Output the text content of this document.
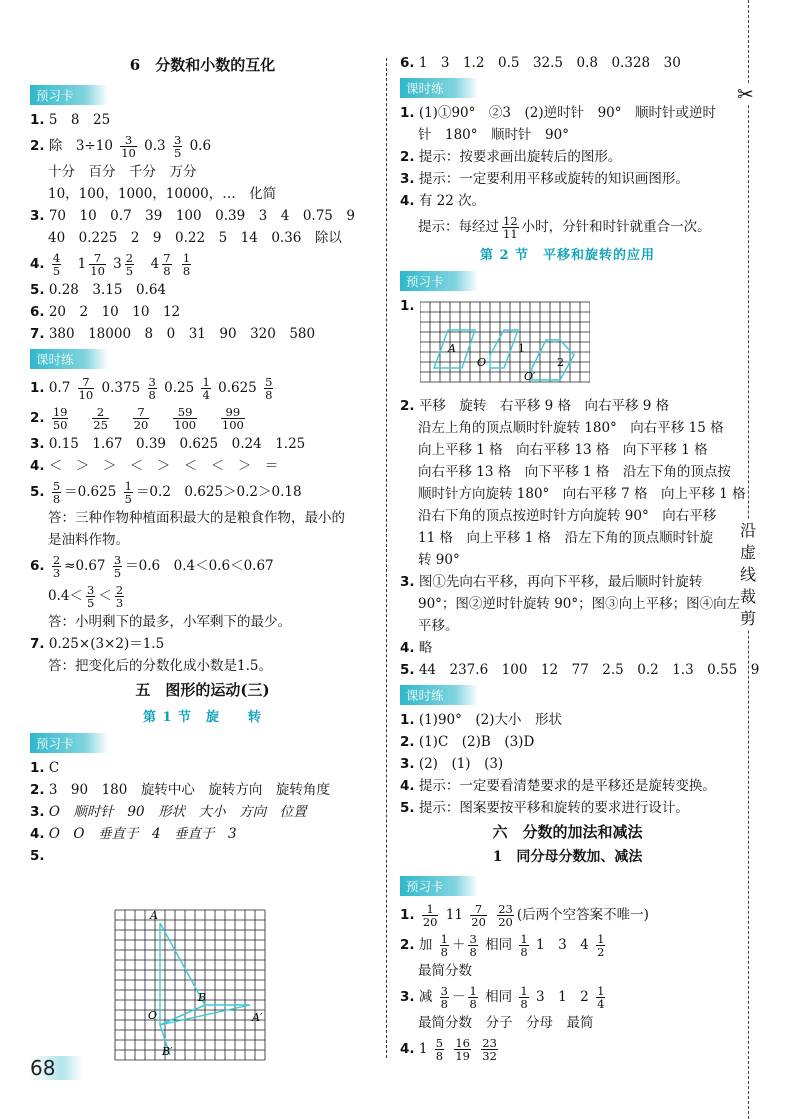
✂
沿虚线裁剪
6　分数和小数的互化
预习卡

1. 5　8　25

2. 除　$3\div 10 \frac{3}{10} 0.3 \frac{3}{5} 0.6$

十分　百分　千分　万分

10，100，1000，10000，…　化简

3. 70　10　0.7　39　100　0.39　3　4　0.75　9

40　0.225　2　9　0.22　5　14　0.36　除以

4. $\frac{4}{5}$ 　$1 \frac{7}{10} 3 \frac{2}{5}$ 　$4 \frac{7}{8}$
$\frac{1}{8}$

5. 0.28　3.15　0.64

6. 20　2　10　10　12

7. 380　18000　8　0　31　90　320　580

课时练

1. $0.7 \frac{7}{10} 0.375 \frac{3}{8} 0.25 \frac{1}{4} 0.625 \frac{5}{8}$

2. $\frac{19}{50}$
　 $\frac{2}{25}$
　 $\frac{7}{20}$
　 $\frac{59}{100}$
　 $\frac{99}{100}$

3. 0.15　1.67　0.39　0.625　0.24　1.25

4. ＜　＞　＞　＜　＞　＜　＜　＞　＝

5. $\frac{5}{8} =0.625 \frac{1}{5} =0.2$　0.625＞0.2＞0.18

答：三种作物种植面积最大的是粮食作物，最小的

是油料作物。

6. $\frac{2}{3} \approx 0.67 \frac{3}{5} =0.6$　0.4＜0.6＜0.67

$0.4< \frac{3}{5} < \frac{2}{3}$

答：小明剩下的最多，小军剩下的最少。

7. 0.25×(3×2)＝1.5

答：把变化后的分数化成小数是1.5。

五　图形的运动(三)
第 1 节　旋　　转
预习卡

1. C

2. 3　90　180　旋转中心　旋转方向　旋转角度

3. O　顺时针　90　形状　大小　方向　位置

4. O　O　垂直于　4　垂直于　3

5.

A
B
O	A′
B′

6. 1　3　1.2　0.5　32.5　0.8　0.328　30

课时练

1. (1)①90°　②3　(2)逆时针　90°　顺时针或逆时

针　180°　顺时针　90°

2. 提示：按要求画出旋转后的图形。

3. 提示：一定要利用平移或旋转的知识画图形。

4. 有 22 次。

提示：每经过 $\frac{12}{11}$ 小时，分针和时针就重合一次。

第 2 节　平移和旋转的应用
预习卡

1.

2. 平移　旋转　右平移 9 格　向右平移 9 格

沿左上角的顶点顺时针旋转 180°　向右平移 15 格

向上平移 1 格　向右平移 13 格　向下平移 1 格

向右平移 13 格　向下平移 1 格　沿左下角的顶点按

顺时针方向旋转 180°　向右平移 7 格　向上平移 1 格

沿右下角的顶点按逆时针方向旋转 90°　向右平移

11 格　向上平移 1 格　沿左下角的顶点顺时针旋

转 90°

3. 图①先向右平移，再向下平移，最后顺时针旋转

90°；图②逆时针旋转 90°；图③向上平移；图④向左

平移。

4. 略

5. 44　237.6　100　12　77　2.5　0.2　1.3　0.55　9

课时练

1. (1)90°　(2)大小　形状

2. (1)C　(2)B　(3)D

3. (2)　(1)　(3)

4. 提示：一定要看清楚要求的是平移还是旋转变换。

5. 提示：图案要按平移和旋转的要求进行设计。

六　分数的加法和减法
1　同分母分数加、减法
预习卡

1. $\frac{1}{20} 11 \frac{7}{20}$
$\frac{23}{20}$ (后两个空答案不唯一)

2. 加 $\frac{1}{8} + \frac{3}{8}$ 相同 $\frac{1}{8} 1$　3　$4 \frac{1}{2}$

最简分数

3. 减 $\frac{3}{8} - \frac{1}{8}$ 相同 $\frac{1}{8} 3$　1　$2 \frac{1}{4}$

最简分数　分子　分母　最简

4. $1 \frac{5}{8}$
$\frac{16}{19}$
$\frac{23}{32}$

A
O
1
O′
2
68
